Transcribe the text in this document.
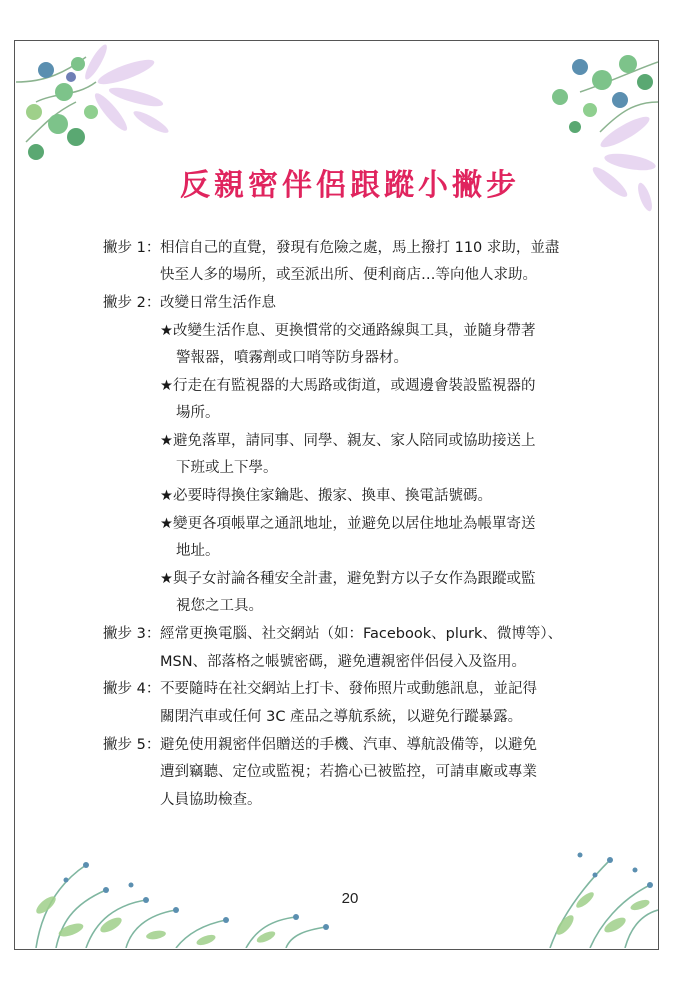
反親密伴侶跟蹤小撇步
撇步 1： 相信自己的直覺，發現有危險之處，馬上撥打 110 求助，並盡
快至人多的場所，或至派出所、便利商店…等向他人求助。
撇步 2： 改變日常生活作息
★改變生活作息、更換慣常的交通路線與工具，並隨身帶著
警報器，噴霧劑或口哨等防身器材。
★行走在有監視器的大馬路或街道，或週邊會裝設監視器的
場所。
★避免落單，請同事、同學、親友、家人陪同或協助接送上
下班或上下學。
★必要時得換住家鑰匙、搬家、換車、換電話號碼。
★變更各項帳單之通訊地址，並避免以居住地址為帳單寄送
地址。
★與子女討論各種安全計畫，避免對方以子女作為跟蹤或監
視您之工具。
撇步 3： 經常更換電腦、社交網站（如：Facebook、plurk、微博等）、
MSN、部落格之帳號密碼，避免遭親密伴侶侵入及盜用。
撇步 4： 不要隨時在社交網站上打卡、發佈照片或動態訊息，並記得
關閉汽車或任何 3C 產品之導航系統，以避免行蹤暴露。
撇步 5： 避免使用親密伴侶贈送的手機、汽車、導航設備等，以避免
遭到竊聽、定位或監視；若擔心已被監控，可請車廠或專業
人員協助檢查。
20
